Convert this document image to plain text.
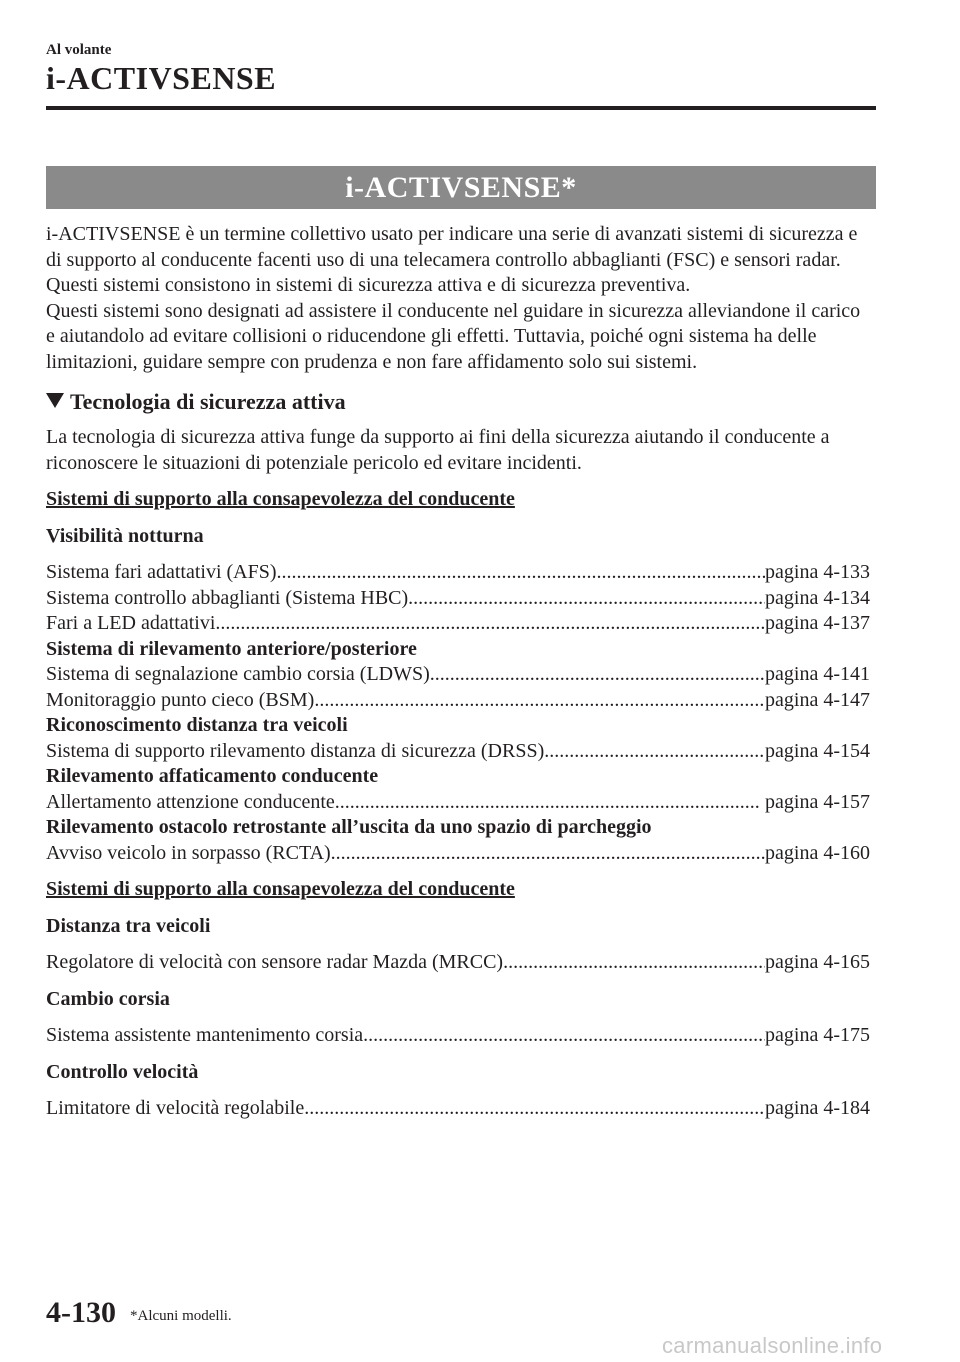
Al volante
i-ACTIVSENSE
i-ACTIVSENSE*

i-ACTIVSENSE è un termine collettivo usato per indicare una serie di avanzati sistemi di sicurezza e di supporto al conducente facenti uso di una telecamera controllo abbaglianti (FSC) e sensori radar. Questi sistemi consistono in sistemi di sicurezza attiva e di sicurezza preventiva.

Questi sistemi sono designati ad assistere il conducente nel guidare in sicurezza alleviandone il carico e aiutandolo ad evitare collisioni o riducendone gli effetti. Tuttavia, poiché ogni sistema ha delle limitazioni, guidare sempre con prudenza e non fare affidamento solo sui sistemi.

Tecnologia di sicurezza attiva

La tecnologia di sicurezza attiva funge da supporto ai fini della sicurezza aiutando il conducente a riconoscere le situazioni di potenziale pericolo ed evitare incidenti.

Sistemi di supporto alla consapevolezza del conducente

Visibilità notturna

Sistema fari adattativi (AFS) .....	pagina 4-133
Sistema controllo abbaglianti (Sistema HBC) .....	pagina 4-134
Fari a LED adattativi .....	pagina 4-137

Sistema di rilevamento anteriore/posteriore

Sistema di segnalazione cambio corsia (LDWS) .....	pagina 4-141
Monitoraggio punto cieco (BSM) .....	pagina 4-147

Riconoscimento distanza tra veicoli

Sistema di supporto rilevamento distanza di sicurezza (DRSS) .....	pagina 4-154

Rilevamento affaticamento conducente

Allertamento attenzione conducente .....	pagina 4-157

Rilevamento ostacolo retrostante all’uscita da uno spazio di parcheggio

Avviso veicolo in sorpasso (RCTA) .....	pagina 4-160

Sistemi di supporto alla consapevolezza del conducente

Distanza tra veicoli

Regolatore di velocità con sensore radar Mazda (MRCC) .....	pagina 4-165

Cambio corsia

Sistema assistente mantenimento corsia .....	pagina 4-175

Controllo velocità

Limitatore di velocità regolabile .....	pagina 4-184
4-130 *Alcuni modelli.
carmanualsonline.info
